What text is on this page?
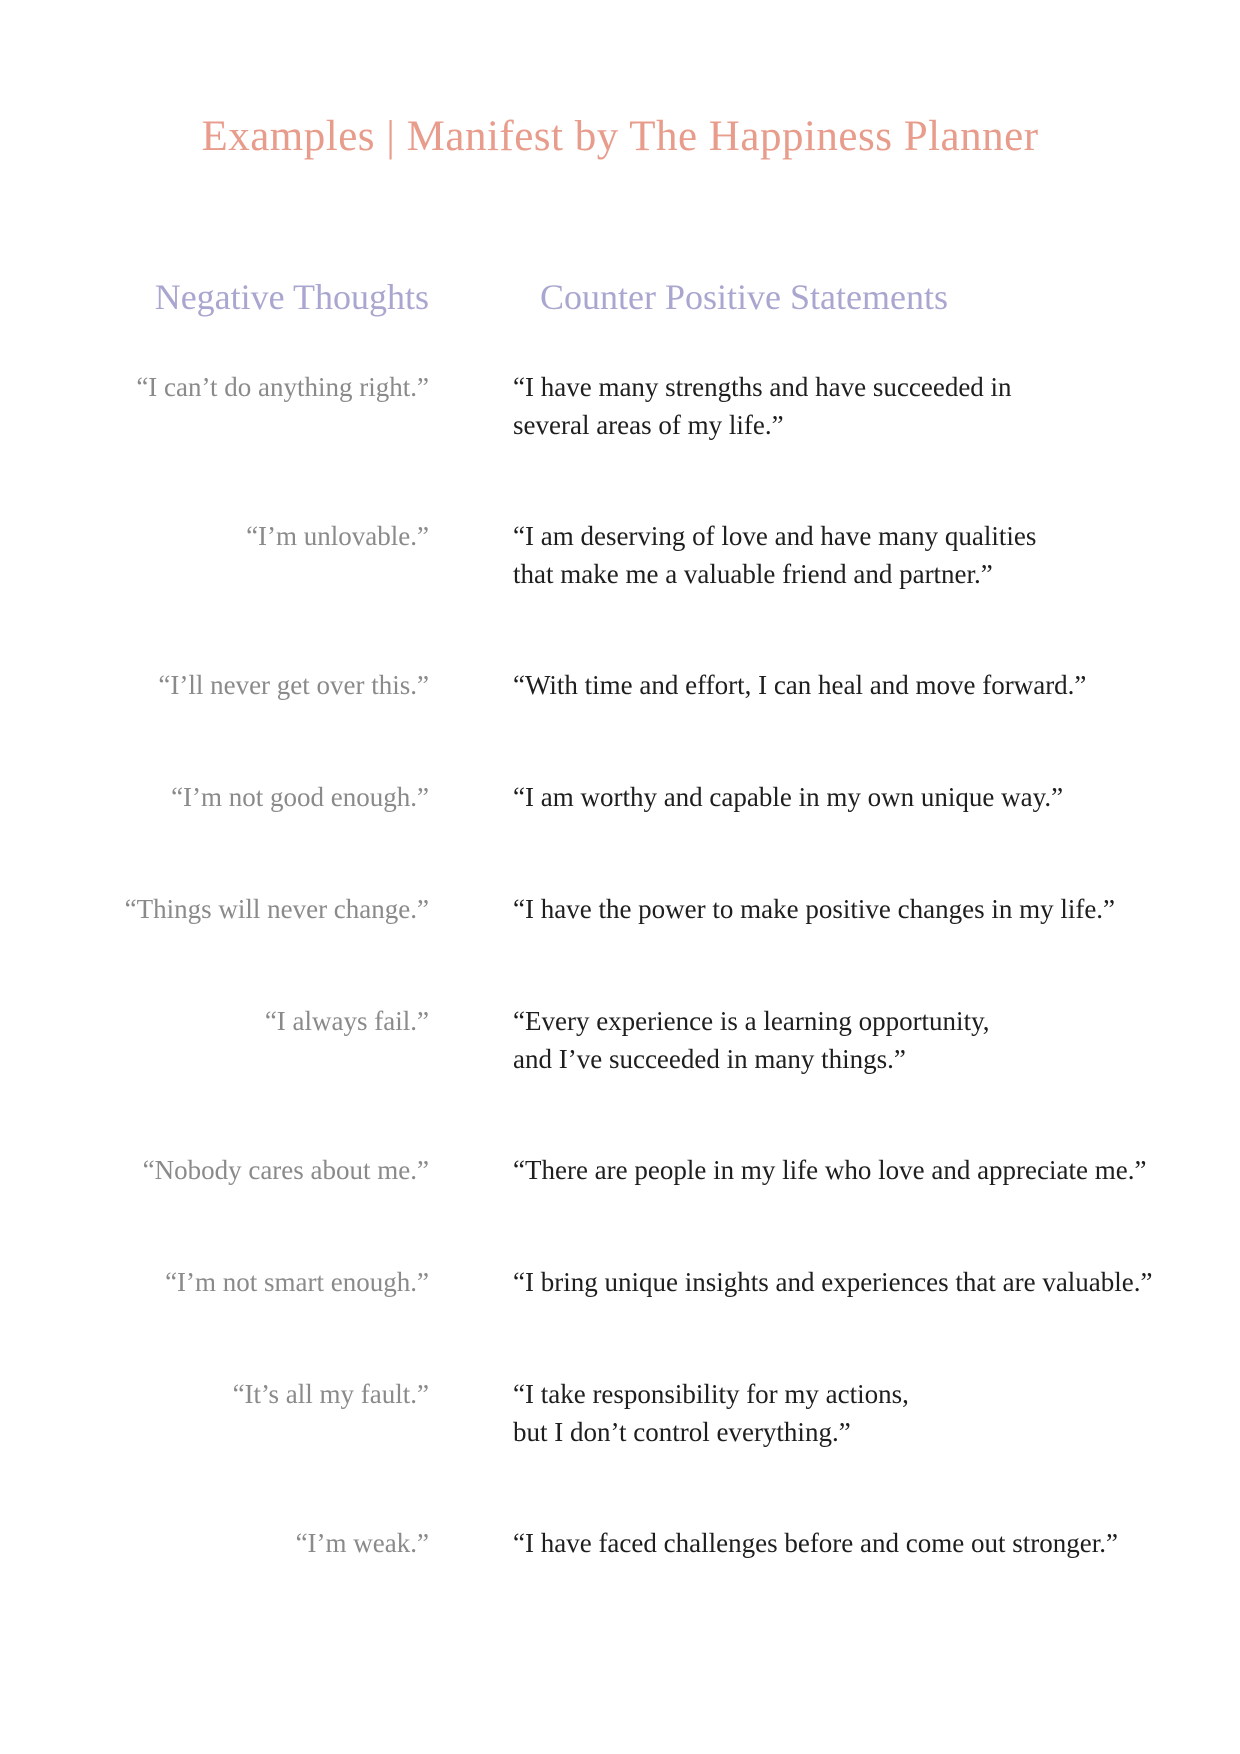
Examples | Manifest by The Happiness Planner
Negative Thoughts	Counter Positive Statements
“I can’t do anything right.”	“I have many strengths and have succeeded in
several areas of my life.”
“I’m unlovable.”	“I am deserving of love and have many qualities
that make me a valuable friend and partner.”
“I’ll never get over this.”	“With time and effort, I can heal and move forward.”
“I’m not good enough.”	“I am worthy and capable in my own unique way.”
“Things will never change.”	“I have the power to make positive changes in my life.”
“I always fail.”	“Every experience is a learning opportunity,
and I’ve succeeded in many things.”
“Nobody cares about me.”	“There are people in my life who love and appreciate me.”
“I’m not smart enough.”	“I bring unique insights and experiences that are valuable.”
“It’s all my fault.”	“I take responsibility for my actions,
but I don’t control everything.”
“I’m weak.”	“I have faced challenges before and come out stronger.”
